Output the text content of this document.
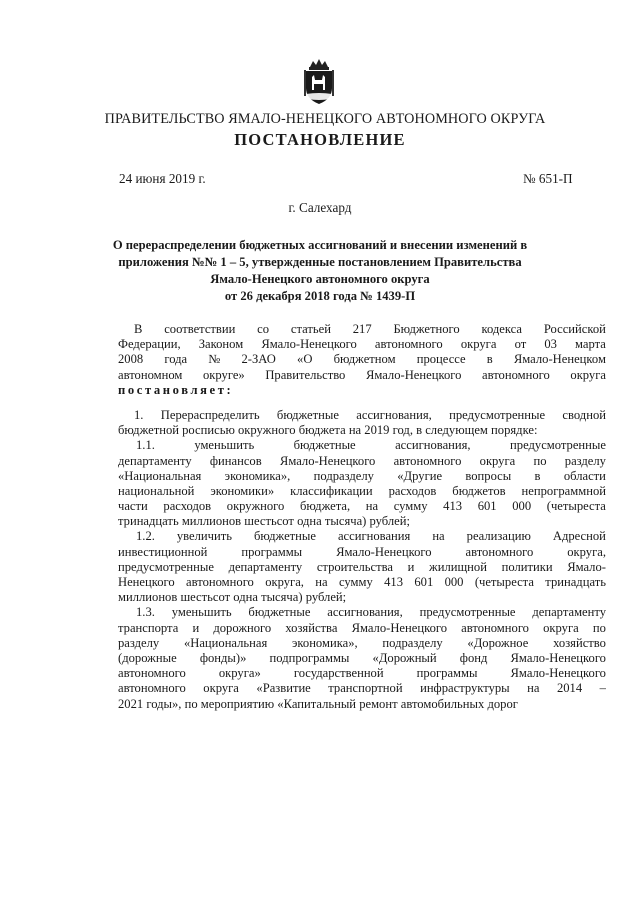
ПРАВИТЕЛЬСТВО ЯМАЛО-НЕНЕЦКОГО АВТОНОМНОГО ОКРУГА
ПОСТАНОВЛЕНИЕ
24 июня 2019 г.	№ 651-П
г. Салехард
О перераспределении бюджетных ассигнований и внесении изменений в
приложения №№ 1 – 5, утвержденные постановлением Правительства
Ямало-Ненецкого автономного округа
от 26 декабря 2018 года № 1439-П
В соответствии со статьей 217 Бюджетного кодекса Российской
Федерации, Законом Ямало-Ненецкого автономного округа от 03 марта
2008 года № 2-ЗАО «О бюджетном процессе в Ямало-Ненецком
автономном округе» Правительство Ямало-Ненецкого автономного округа
постановляет:
1. Перераспределить бюджетные ассигнования, предусмотренные сводной
бюджетной росписью окружного бюджета на 2019 год, в следующем порядке:
1.1.	уменьшить	бюджетные	ассигнования,	предусмотренные
департаменту финансов Ямало-Ненецкого автономного округа по разделу
«Национальная экономика», подразделу «Другие вопросы в области
национальной экономики» классификации расходов бюджетов непрограммной
части расходов окружного бюджета, на сумму 413 601 000 (четыреста
тринадцать миллионов шестьсот одна тысяча) рублей;
1.2. увеличить бюджетные ассигнования на реализацию Адресной
инвестиционной	программы	Ямало-Ненецкого	автономного	округа,
предусмотренные департаменту строительства и жилищной политики Ямало-
Ненецкого автономного округа, на сумму 413 601 000 (четыреста тринадцать
миллионов шестьсот одна тысяча) рублей;
1.3. уменьшить бюджетные ассигнования, предусмотренные департаменту
транспорта и дорожного хозяйства Ямало-Ненецкого автономного округа по
разделу «Национальная экономика», подразделу «Дорожное хозяйство
(дорожные фонды)» подпрограммы «Дорожный фонд Ямало-Ненецкого
автономного	округа»	государственной	программы	Ямало-Ненецкого
автономного округа «Развитие транспортной инфраструктуры на 2014 –
2021 годы», по мероприятию «Капитальный ремонт автомобильных дорог
